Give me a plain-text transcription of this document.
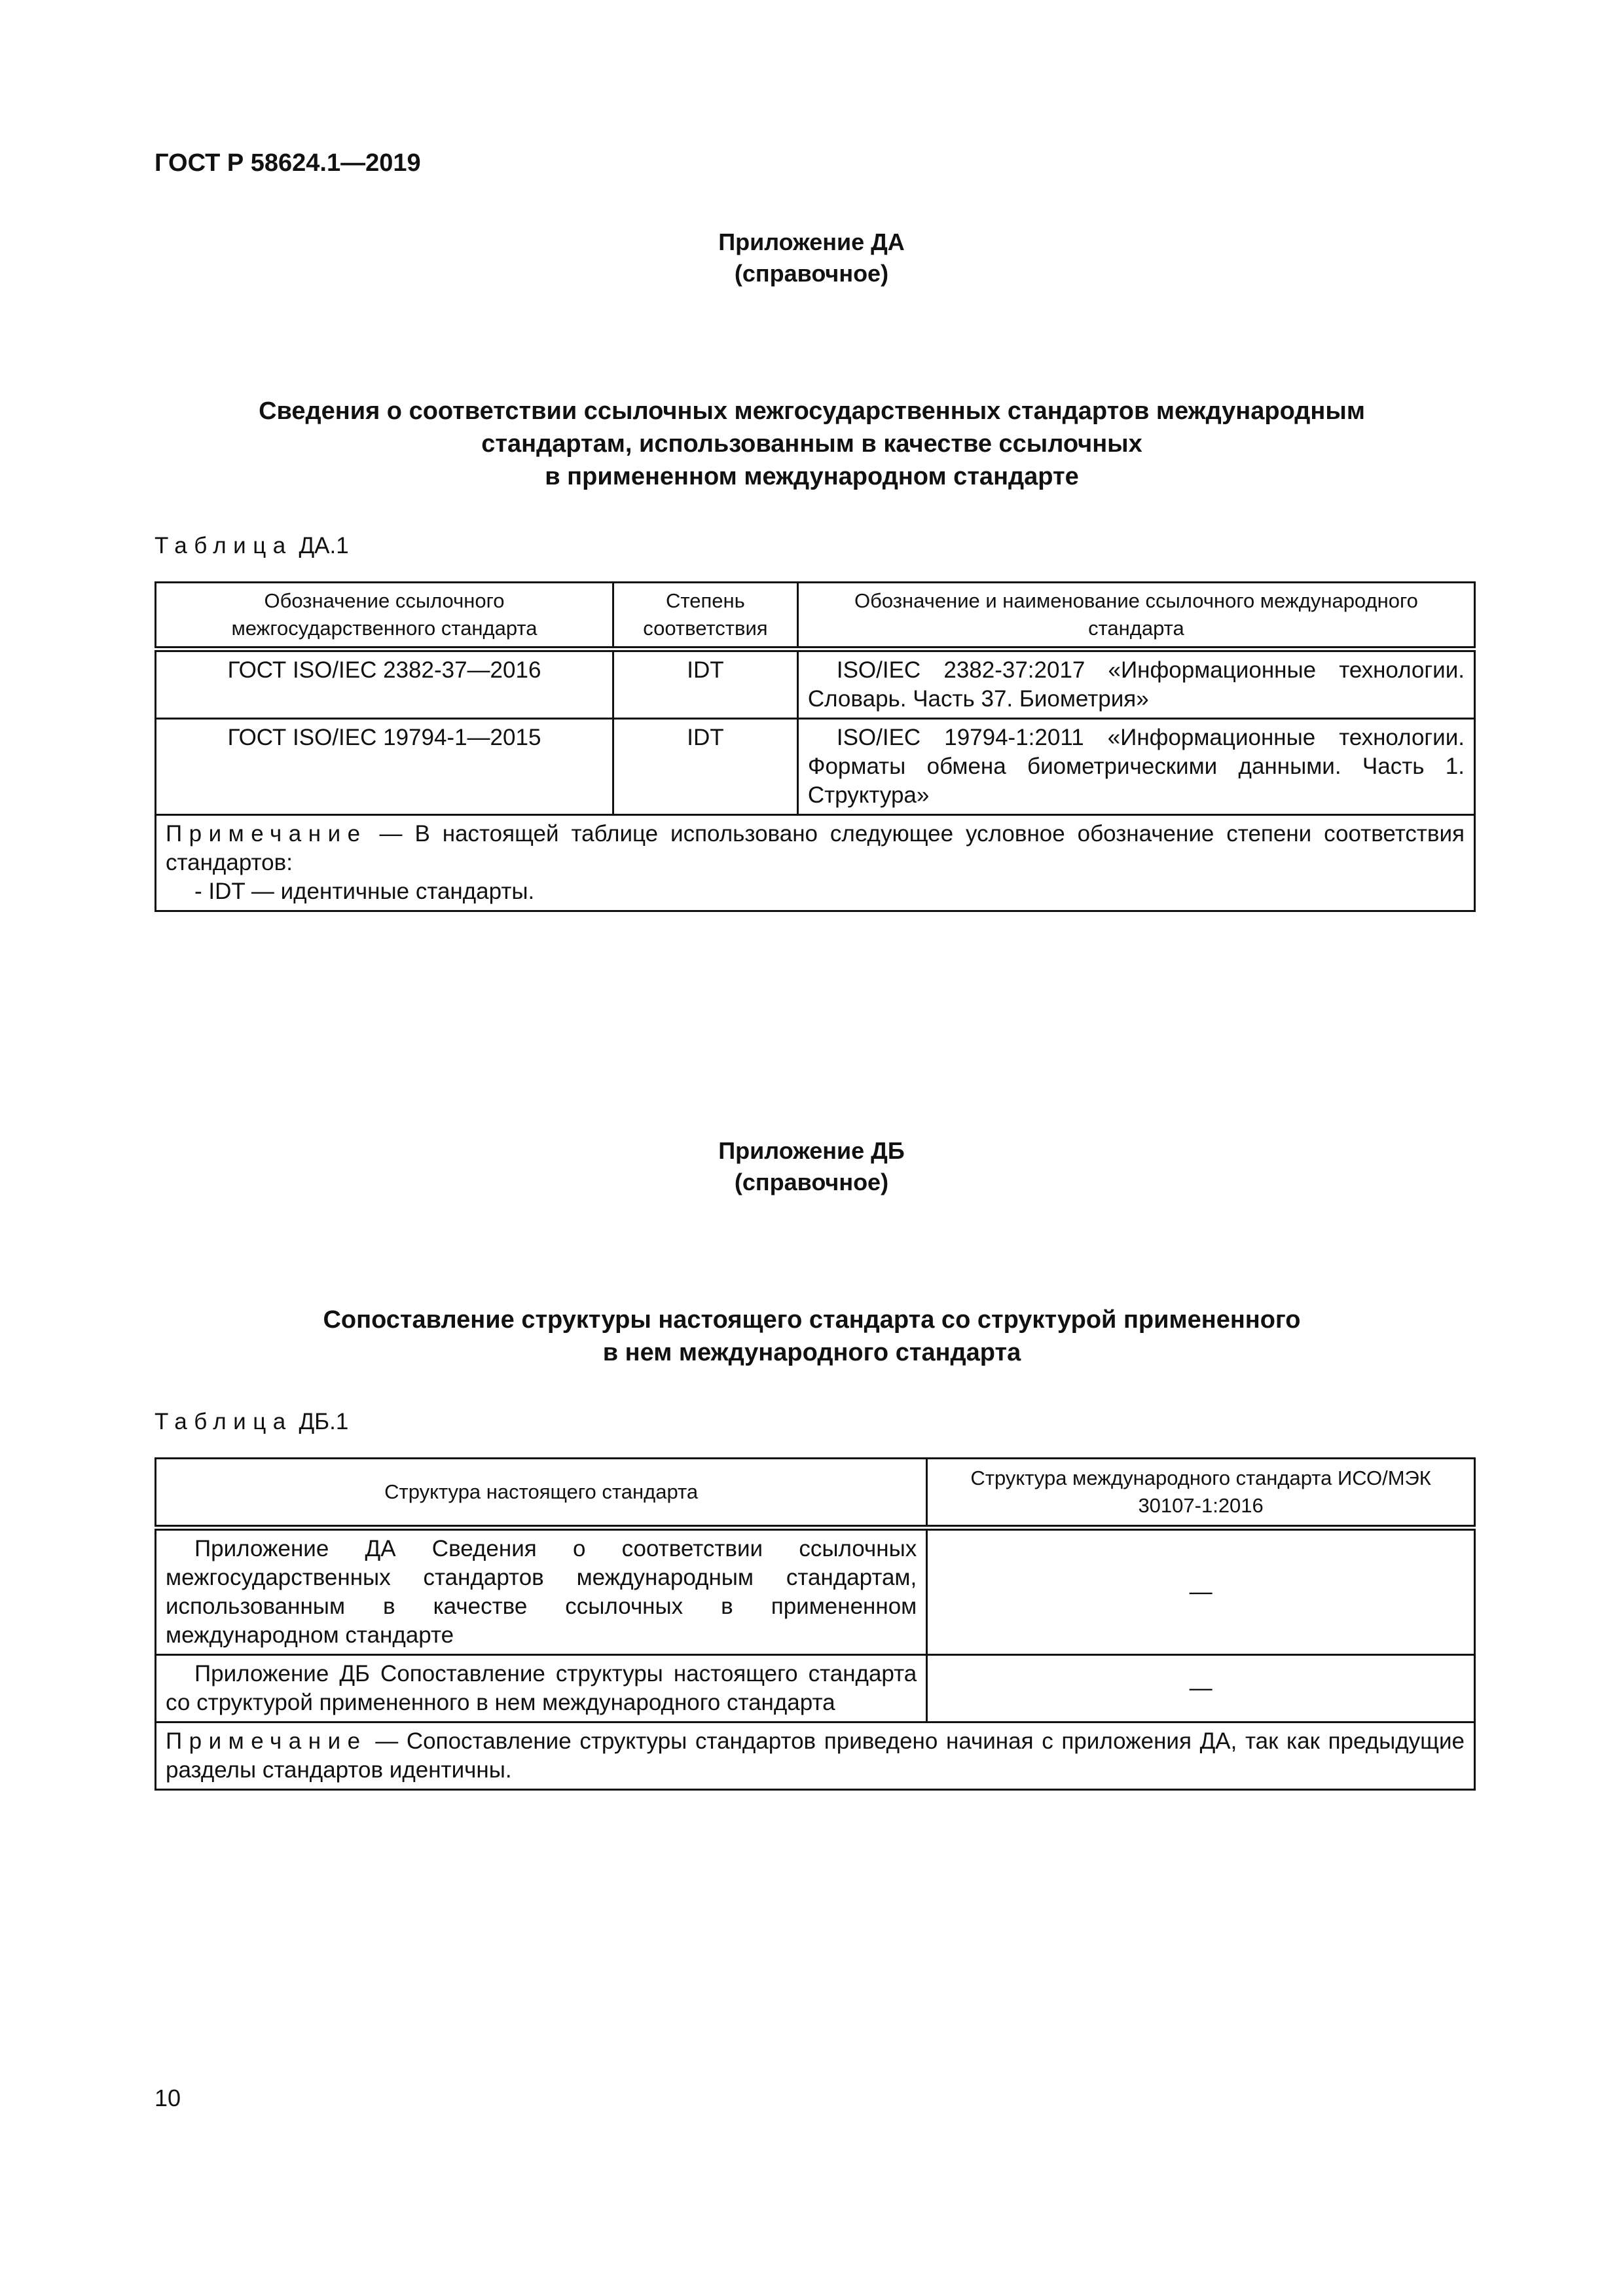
ГОСТ Р 58624.1—2019
Приложение ДА
(справочное)
Сведения о соответствии ссылочных межгосударственных стандартов международным
стандартам, использованным в качестве ссылочных
в примененном международном стандарте
Таблица ДА.1
Обозначение ссылочного межгосударственного стандарта	Степень соответствия	Обозначение и наименование ссылочного международного стандарта
ГОСТ ISO/IEC 2382-37—2016	IDT	ISO/IEC 2382-37:2017 «Информационные технологии. Словарь. Часть 37. Биометрия»
ГОСТ ISO/IEC 19794-1—2015	IDT	ISO/IEC 19794-1:2011 «Информационные технологии. Форматы обмена биометрическими данными. Часть 1. Структура»

Примечание — В настоящей таблице использовано следующее условное обозначение степени соответствия стандартов:
- IDT — идентичные стандарты.		
Приложение ДБ
(справочное)
Сопоставление структуры настоящего стандарта со структурой примененного
в нем международного стандарта
Таблица ДБ.1
Структура настоящего стандарта	Структура международного стандарта ИСО/МЭК 30107-1:2016
Приложение ДА Сведения о соответствии ссылочных межгосударственных стандартов международным стандартам, использованным в качестве ссылочных в примененном международном стандарте	—
Приложение ДБ Сопоставление структуры настоящего стандарта со структурой примененного в нем международного стандарта	—
Примечание — Сопоставление структуры стандартов приведено начиная с приложения ДА, так как предыдущие разделы стандартов идентичны.	
10
